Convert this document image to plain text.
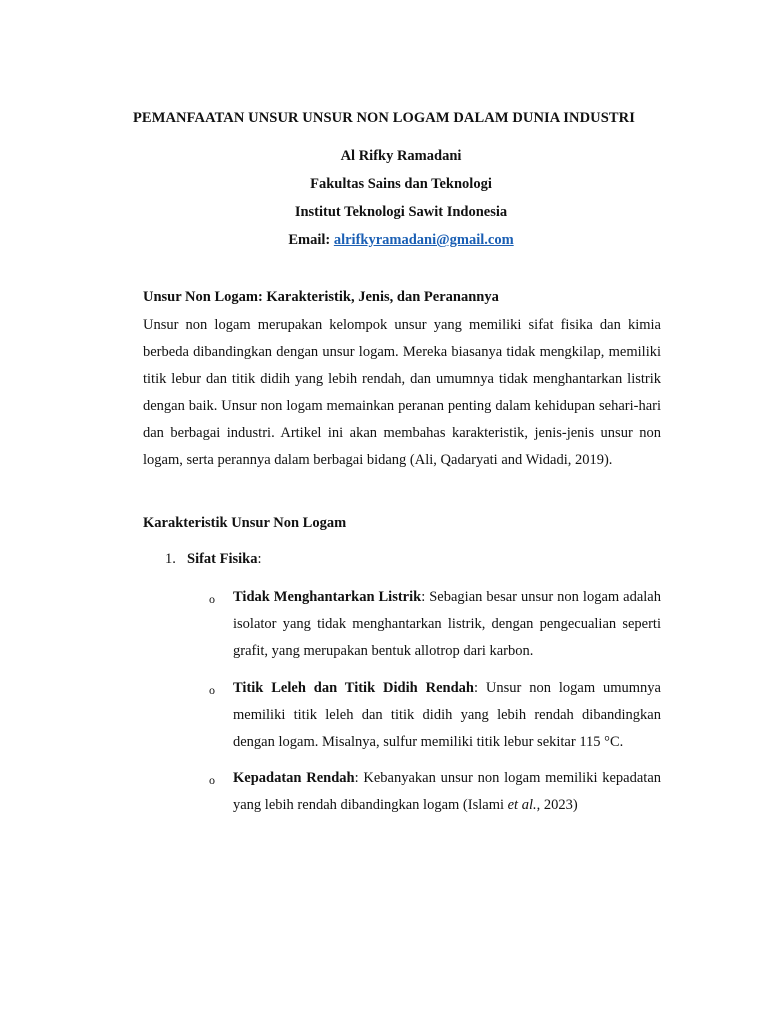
PEMANFAATAN UNSUR UNSUR NON LOGAM DALAM DUNIA INDUSTRI
Al Rifky Ramadani
Fakultas Sains dan Teknologi
Institut Teknologi Sawit Indonesia
Email: alrifkyramadani@gmail.com
Unsur Non Logam: Karakteristik, Jenis, dan Peranannya
Unsur non logam merupakan kelompok unsur yang memiliki sifat fisika dan kimia berbeda dibandingkan dengan unsur logam. Mereka biasanya tidak mengkilap, memiliki titik lebur dan titik didih yang lebih rendah, dan umumnya tidak menghantarkan listrik dengan baik. Unsur non logam memainkan peranan penting dalam kehidupan sehari-hari dan berbagai industri. Artikel ini akan membahas karakteristik, jenis-jenis unsur non logam, serta perannya dalam berbagai bidang (Ali, Qadaryati and Widadi, 2019).
Karakteristik Unsur Non Logam
1. Sifat Fisika:
o Tidak Menghantarkan Listrik: Sebagian besar unsur non logam adalah isolator yang tidak menghantarkan listrik, dengan pengecualian seperti grafit, yang merupakan bentuk allotrop dari karbon.
o Titik Leleh dan Titik Didih Rendah: Unsur non logam umumnya memiliki titik leleh dan titik didih yang lebih rendah dibandingkan dengan logam. Misalnya, sulfur memiliki titik lebur sekitar 115 °C.
o Kepadatan Rendah: Kebanyakan unsur non logam memiliki kepadatan yang lebih rendah dibandingkan logam (Islami et al., 2023)
